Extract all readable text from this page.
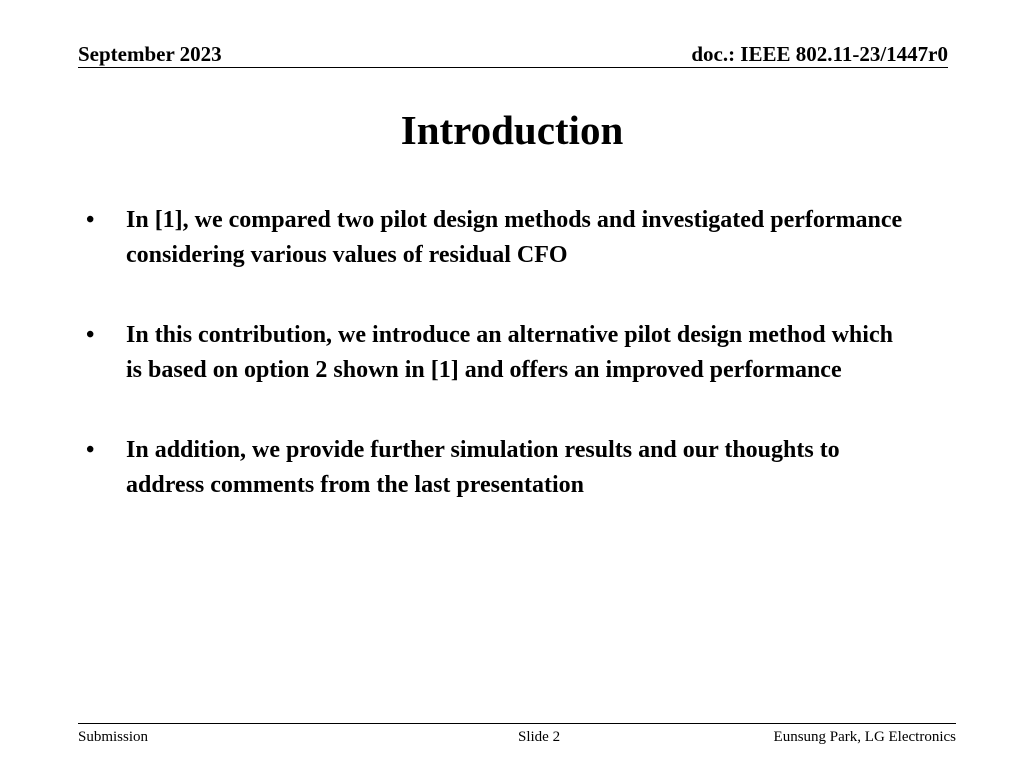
September 2023	doc.: IEEE 802.11-23/1447r0
Introduction
• In [1], we compared two pilot design methods and investigated performance considering various values of residual CFO
• In this contribution, we introduce an alternative pilot design method which is based on option 2 shown in [1] and offers an improved performance
• In addition, we provide further simulation results and our thoughts to address comments from the last presentation
Submission	Slide 2	Eunsung Park, LG Electronics
